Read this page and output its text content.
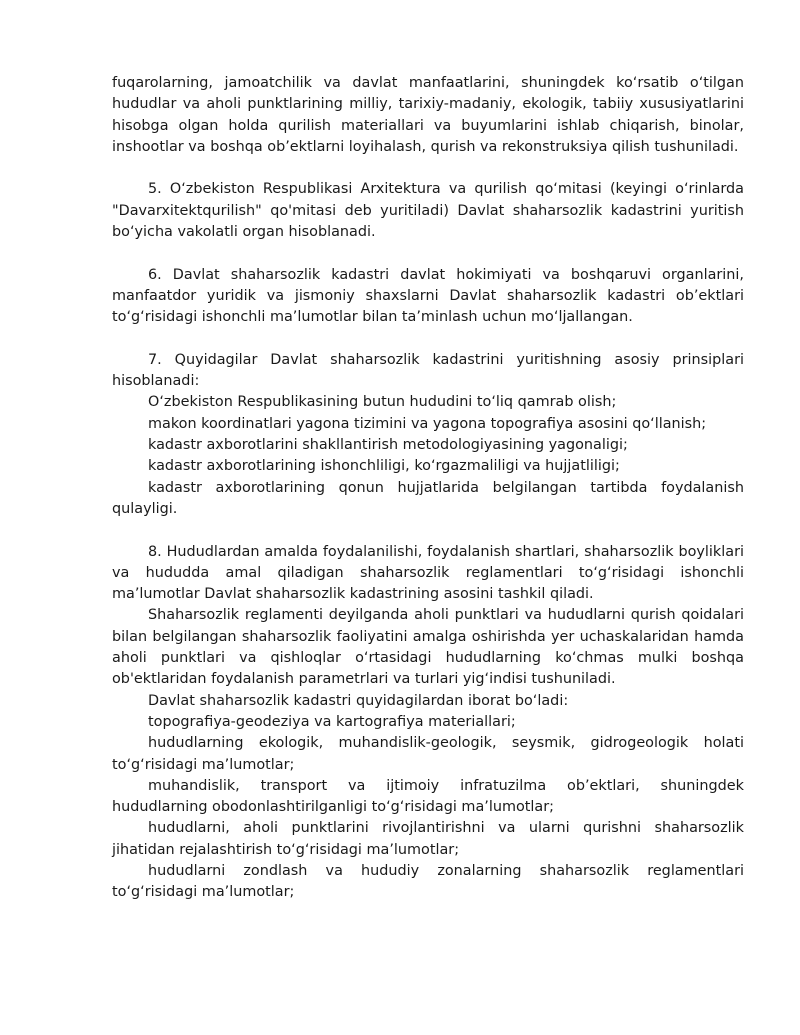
fuqarolarning, jamoatchilik va davlat manfaatlarini, shuningdek ko‘rsatib o‘tilgan hududlar va aholi punktlarining milliy, tarixiy-madaniy, ekologik, tabiiy xususiyatlarini hisobga olgan holda qurilish materiallari va buyumlarini ishlab chiqarish, binolar, inshootlar va boshqa ob’ektlarni loyihalash, qurish va rekonstruksiya qilish tushuniladi.

5. O‘zbekiston Respublikasi Arxitektura va qurilish qo‘mitasi (keyingi o‘rinlarda "Davarxitektqurilish" qo'mitasi deb yuritiladi) Davlat shaharsozlik kadastrini yuritish bo‘yicha vakolatli organ hisoblanadi.

6. Davlat shaharsozlik kadastri davlat hokimiyati va boshqaruvi organlarini, manfaatdor yuridik va jismoniy shaxslarni Davlat shaharsozlik kadastri ob’ektlari to‘g‘risidagi ishonchli ma’lumotlar bilan ta’minlash uchun mo‘ljallangan.

7. Quyidagilar Davlat shaharsozlik kadastrini yuritishning asosiy prinsiplari hisoblanadi:

O‘zbekiston Respublikasining butun hududini to‘liq qamrab olish;

makon koordinatlari yagona tizimini va yagona topografiya asosini qo‘llanish;

kadastr axborotlarini shakllantirish metodologiyasining yagonaligi;

kadastr axborotlarining ishonchliligi, ko‘rgazmaliligi va hujjatliligi;

kadastr axborotlarining qonun hujjatlarida belgilangan tartibda foydalanish qulayligi.

8. Hududlardan amalda foydalanilishi, foydalanish shartlari, shaharsozlik boyliklari va hududda amal qiladigan shaharsozlik reglamentlari to‘g‘risidagi ishonchli ma’lumotlar Davlat shaharsozlik kadastrining asosini tashkil qiladi.

Shaharsozlik reglamenti deyilganda aholi punktlari va hududlarni qurish qoidalari bilan belgilangan shaharsozlik faoliyatini amalga oshirishda yer uchaskalaridan hamda aholi punktlari va qishloqlar o‘rtasidagi hududlarning ko‘chmas mulki boshqa ob'ektlaridan foydalanish parametrlari va turlari yig‘indisi tushuniladi.

Davlat shaharsozlik kadastri quyidagilardan iborat bo‘ladi:

topografiya-geodeziya va kartografiya materiallari;

hududlarning ekologik, muhandislik-geologik, seysmik, gidrogeologik holati to‘g‘risidagi ma’lumotlar;

muhandislik, transport va ijtimoiy infratuzilma ob’ektlari, shuningdek hududlarning obodonlashtirilganligi to‘g‘risidagi ma’lumotlar;

hududlarni, aholi punktlarini rivojlantirishni va ularni qurishni shaharsozlik jihatidan rejalashtirish to‘g‘risidagi ma’lumotlar;

hududlarni zondlash va hududiy zonalarning shaharsozlik reglamentlari to‘g‘risidagi ma’lumotlar;
